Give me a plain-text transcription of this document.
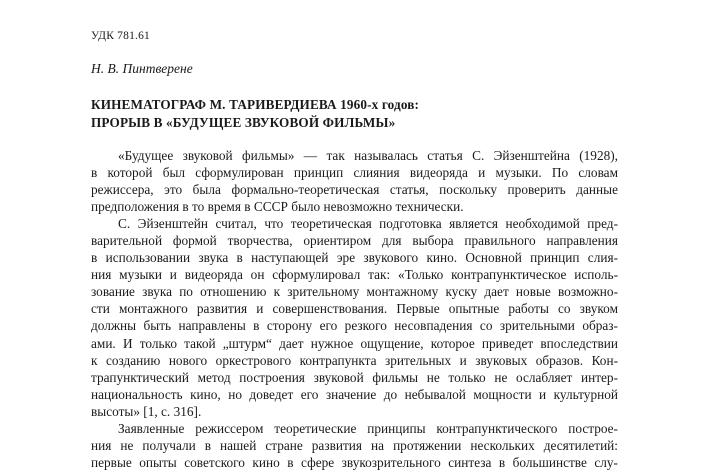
УДК 781.61
Н. В. Пинтверене
КИНЕМАТОГРАФ М. ТАРИВЕРДИЕВА 1960-х годов:
ПРОРЫВ В «БУДУЩЕЕ ЗВУКОВОЙ ФИЛЬМЫ»

«Будущее звуковой фильмы» — так называлась статья С. Эйзенштейна (1928),
в которой был сформулирован принцип слияния видеоряда и музыки. По словам
режиссера, это была формально-теоретическая статья, поскольку проверить данные
предположения в то время в СССР было невозможно технически.

С. Эйзенштейн считал, что теоретическая подготовка является необходимой пред-
варительной формой творчества, ориентиром для выбора правильного направления
в использовании звука в наступающей эре звукового кино. Основной принцип слия-
ния музыки и видеоряда он сформулировал так: «Только контрапунктическое исполь-
зование звука по отношению к зрительному монтажному куску дает новые возможно-
сти монтажного развития и совершенствования. Первые опытные работы со звуком
должны быть направлены в сторону его резкого несовпадения со зрительными образ-
ами. И только такой „штурм“ дает нужное ощущение, которое приведет впоследствии
к созданию нового оркестрового контрапункта зрительных и звуковых образов. Кон-
трапунктический метод построения звуковой фильмы не только не ослабляет интер-
национальность кино, но доведет его значение до небывалой мощности и культурной
высоты» [1, с. 316].

Заявленные режиссером теоретические принципы контрапунктического построе-
ния не получали в нашей стране развития на протяжении нескольких десятилетий:
первые опыты советского кино в сфере звукозрительного синтеза в большинстве слу-
